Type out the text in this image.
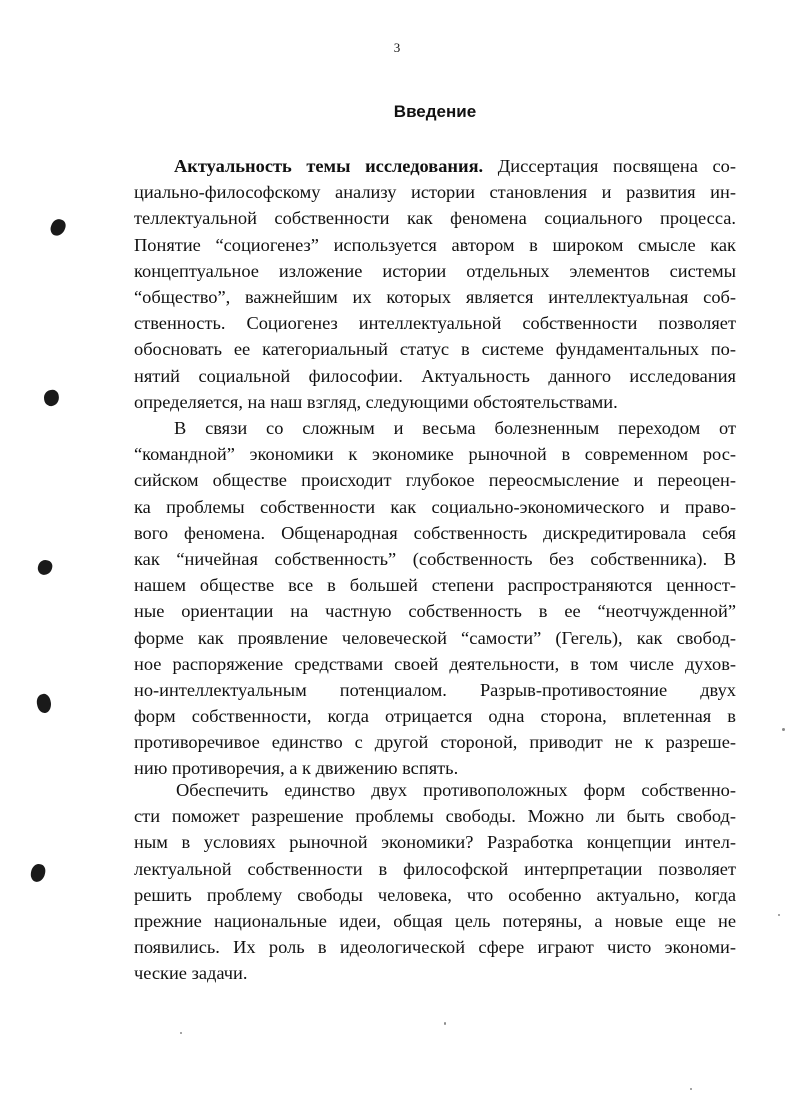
3
Введение
Актуальность темы исследования. Диссертация посвящена со-
циально-философскому анализу истории становления и развития ин-
теллектуальной собственности как феномена социального процесса.
Понятие “социогенез” используется автором в широком смысле как
концептуальное изложение истории отдельных элементов системы
“общество”, важнейшим их которых является интеллектуальная соб-
ственность. Социогенез интеллектуальной собственности позволяет
обосновать ее категориальный статус в системе фундаментальных по-
нятий социальной философии. Актуальность данного исследования
определяется, на наш взгляд, следующими обстоятельствами.
В связи со сложным и весьма болезненным переходом от
“командной” экономики к экономике рыночной в современном рос-
сийском обществе происходит глубокое переосмысление и переоцен-
ка проблемы собственности как социально-экономического и право-
вого феномена. Общенародная собственность дискредитировала себя
как “ничейная собственность” (собственность без собственника). В
нашем обществе все в большей степени распространяются ценност-
ные ориентации на частную собственность в ее “неотчужденной”
форме как проявление человеческой “самости” (Гегель), как свобод-
ное распоряжение средствами своей деятельности, в том числе духов-
но-интеллектуальным потенциалом. Разрыв-противостояние двух
форм собственности, когда отрицается одна сторона, вплетенная в
противоречивое единство с другой стороной, приводит не к разреше-
нию противоречия, а к движению вспять.
Обеспечить единство двух противоположных форм собственно-
сти поможет разрешение проблемы свободы. Можно ли быть свобод-
ным в условиях рыночной экономики? Разработка концепции интел-
лектуальной собственности в философской интерпретации позволяет
решить проблему свободы человека, что особенно актуально, когда
прежние национальные идеи, общая цель потеряны, а новые еще не
появились. Их роль в идеологической сфере играют чисто экономи-
ческие задачи.
